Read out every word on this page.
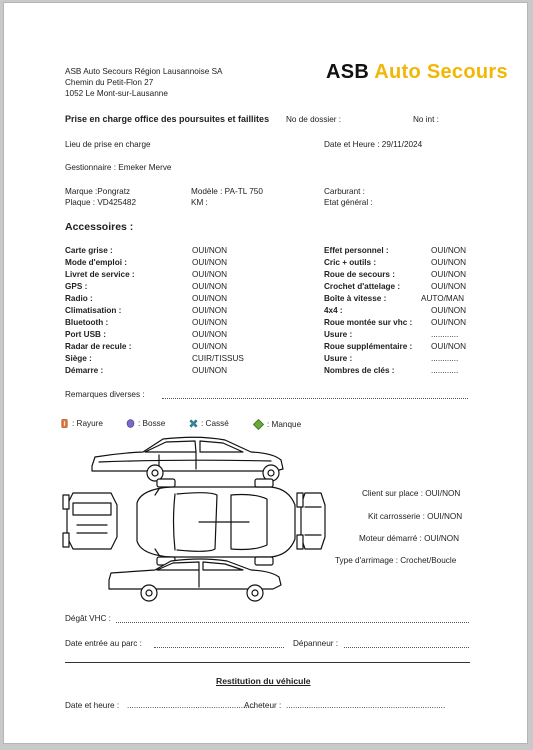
ASB Auto Secours Région Lausannoise SA
Chemin du Petit-Flon 27
1052 Le Mont-sur-Lausanne
ASB Auto Secours
Prise en charge office des poursuites et faillites No de dossier :	No int :
Lieu de prise en charge	Date et Heure : 29/11/2024
Gestionnaire : Emeker Merve
Marque :Pongratz	Modèle : PA-TL 750	Carburant :
Plaque : VD425482	KM :	Etat général :
Accessoires :
Carte grise :	OUI/NON
Mode d'emploi :	OUI/NON
Livret de service :	OUI/NON
GPS :	OUI/NON
Radio :	OUI/NON
Climatisation :	OUI/NON
Bluetooth :	OUI/NON
Port USB :	OUI/NON
Radar de recule :	OUI/NON
Siège :	CUIR/TISSUS
Démarre :	OUI/NON
Effet personnel :	OUI/NON
Cric + outils :	OUI/NON
Roue de secours :	OUI/NON
Crochet d'attelage :	OUI/NON
Boîte à vitesse :	AUTO/MAN
4x4 :	OUI/NON
Roue montée sur vhc : OUI/NON
Usure :	............
Roue supplémentaire : OUI/NON
Usure :	............
Nombres de clés :	............
Remarques diverses :
: Rayure	: Bosse	: Cassé	: Manque
Client sur place : OUI/NON
Kit carrosserie : OUI/NON
Moteur démarré : OUI/NON
Type d'arrimage : Crochet/Boucle
Dégât VHC :
Date entrée au parc :	Dépanneur :
Restitution du véhicule
Date et heure : ........................................................
Acheteur : ......................................................................
